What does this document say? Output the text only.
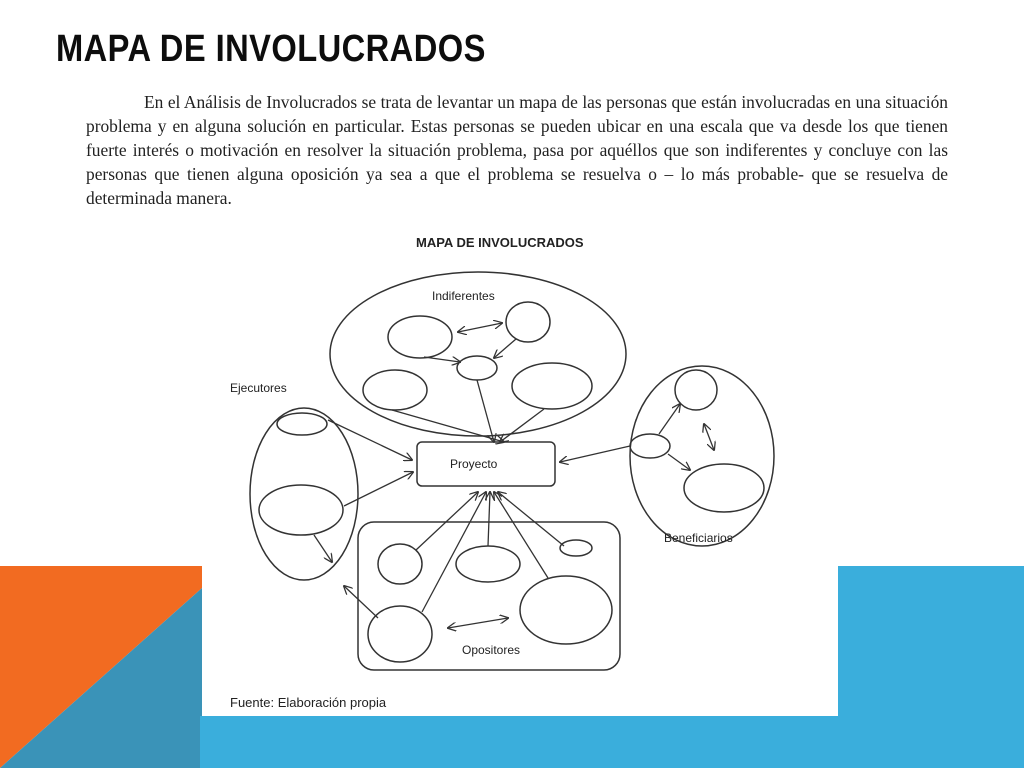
MAPA DE INVOLUCRADOS

En el Análisis de Involucrados se trata de levantar un mapa de las personas que están involucradas en una situación problema y en alguna solución en particular. Estas personas se pueden ubicar en una escala que va desde los que tienen fuerte interés o motivación en resolver la situación problema, pasa por aquéllos que son indiferentes y concluye con las personas que tienen alguna oposición ya sea a que el problema se resuelva o – lo más probable- que se resuelva de determinada manera.

MAPA DE INVOLUCRADOS
Indiferentes
Proyecto
Ejecutores
Beneficiarios
Opositores
Fuente: Elaboración propia
